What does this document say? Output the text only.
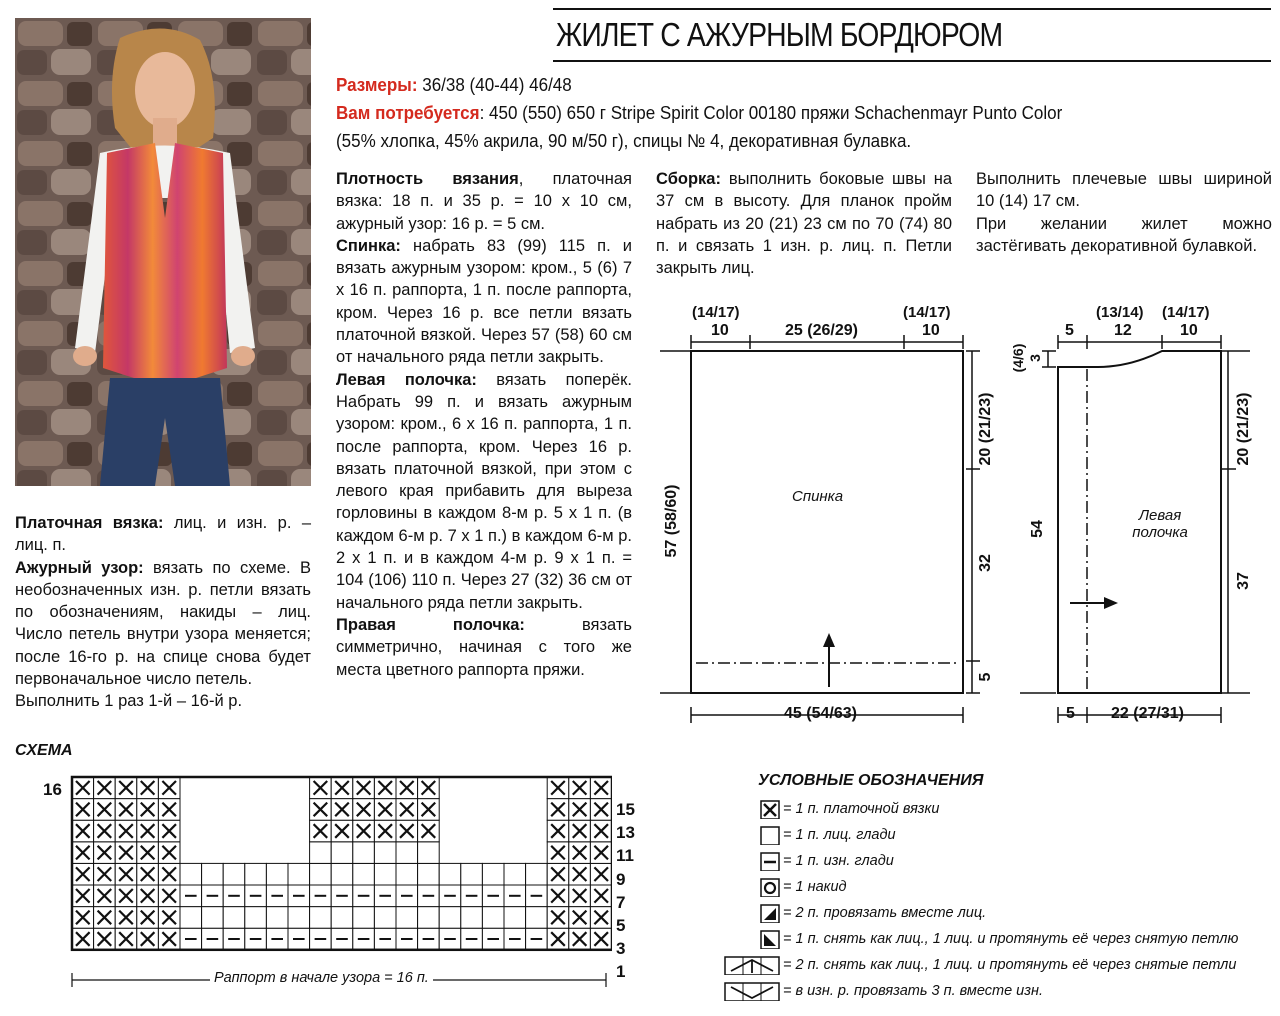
ЖИЛЕТ С АЖУРНЫМ БОРДЮРОМ
Размеры: 36/38 (40-44) 46/48
Вам потребуется: 450 (550) 650 г Stripe Spirit Color 00180 пряжи Schachenmayr Punto Color
(55% хлопка, 45% акрила, 90 м/50 г), спицы № 4, декоративная булавка.

Плотность вязания, платочная вязка: 18 п. и 35 р. = 10 х 10 см, ажурный узор: 16 р. = 5 см.

Спинка: набрать 83 (99) 115 п. и вязать ажурным узором: кром., 5 (6) 7 х 16 п. раппорта, 1 п. после раппорта, кром. Через 16 р. все петли вязать платочной вязкой. Через 57 (58) 60 см от начального ряда петли закрыть.

Левая полочка: вязать поперёк. Набрать 99 п. и вязать ажурным узором: кром., 6 х 16 п. раппорта, 1 п. после раппорта, кром. Через 16 р. вязать платочной вязкой, при этом с левого края прибавить для выреза горловины в каждом 8-м р. 5 х 1 п. (в каждом 6-м р. 7 х 1 п.) в каждом 6-м р. 2 х 1 п. и в каждом 4-м р. 9 х 1 п. = 104 (106) 110 п. Через 27 (32) 36 см от начального ряда петли закрыть.

Правая полочка: вязать симметрично, начиная с того же места цветного раппорта пряжи.

Сборка: выполнить боковые швы на 37 см в высоту. Для планок пройм набрать из 20 (21) 23 см по 70 (74) 80 п. и связать 1 изн. р. лиц. п. Петли закрыть лиц.

Выполнить плечевые швы шириной 10 (14) 17 см.

При желании жилет можно застёгивать декоративной булавкой.

Платочная вязка: лиц. и изн. р. – лиц. п.

Ажурный узор: вязать по схеме. В необозначенных изн. р. петли вязать по обозначениям, накиды – лиц. Число петель внутри узора меняется; после 16-го р. на спице снова будет первоначальное число петель.

Выполнить 1 раз 1-й – 16-й р.

(14/17)
10	25 (26/29)
(14/17)
10
57 (58/60)
20 (21/23)
32
5
45 (54/63)
Спинка
5
(13/14)
12
(14/17)
10
(4/6) 3
54
20 (21/23)
37
5 22 (27/31)
Левая
полочка
СХЕМА
16
15
13
11
9
7
5
3
1
Раппорт в начале узора = 16 п.
УСЛОВНЫЕ ОБОЗНАЧЕНИЯ
= 1 п. платочной вязки
= 1 п. лиц. глади
= 1 п. изн. глади
= 1 накид
= 2 п. провязать вместе лиц.
= 1 п. снять как лиц., 1 лиц. и протянуть её через снятую петлю
= 2 п. снять как лиц., 1 лиц. и протянуть её через снятые петли
= в изн. р. провязать 3 п. вместе изн.
